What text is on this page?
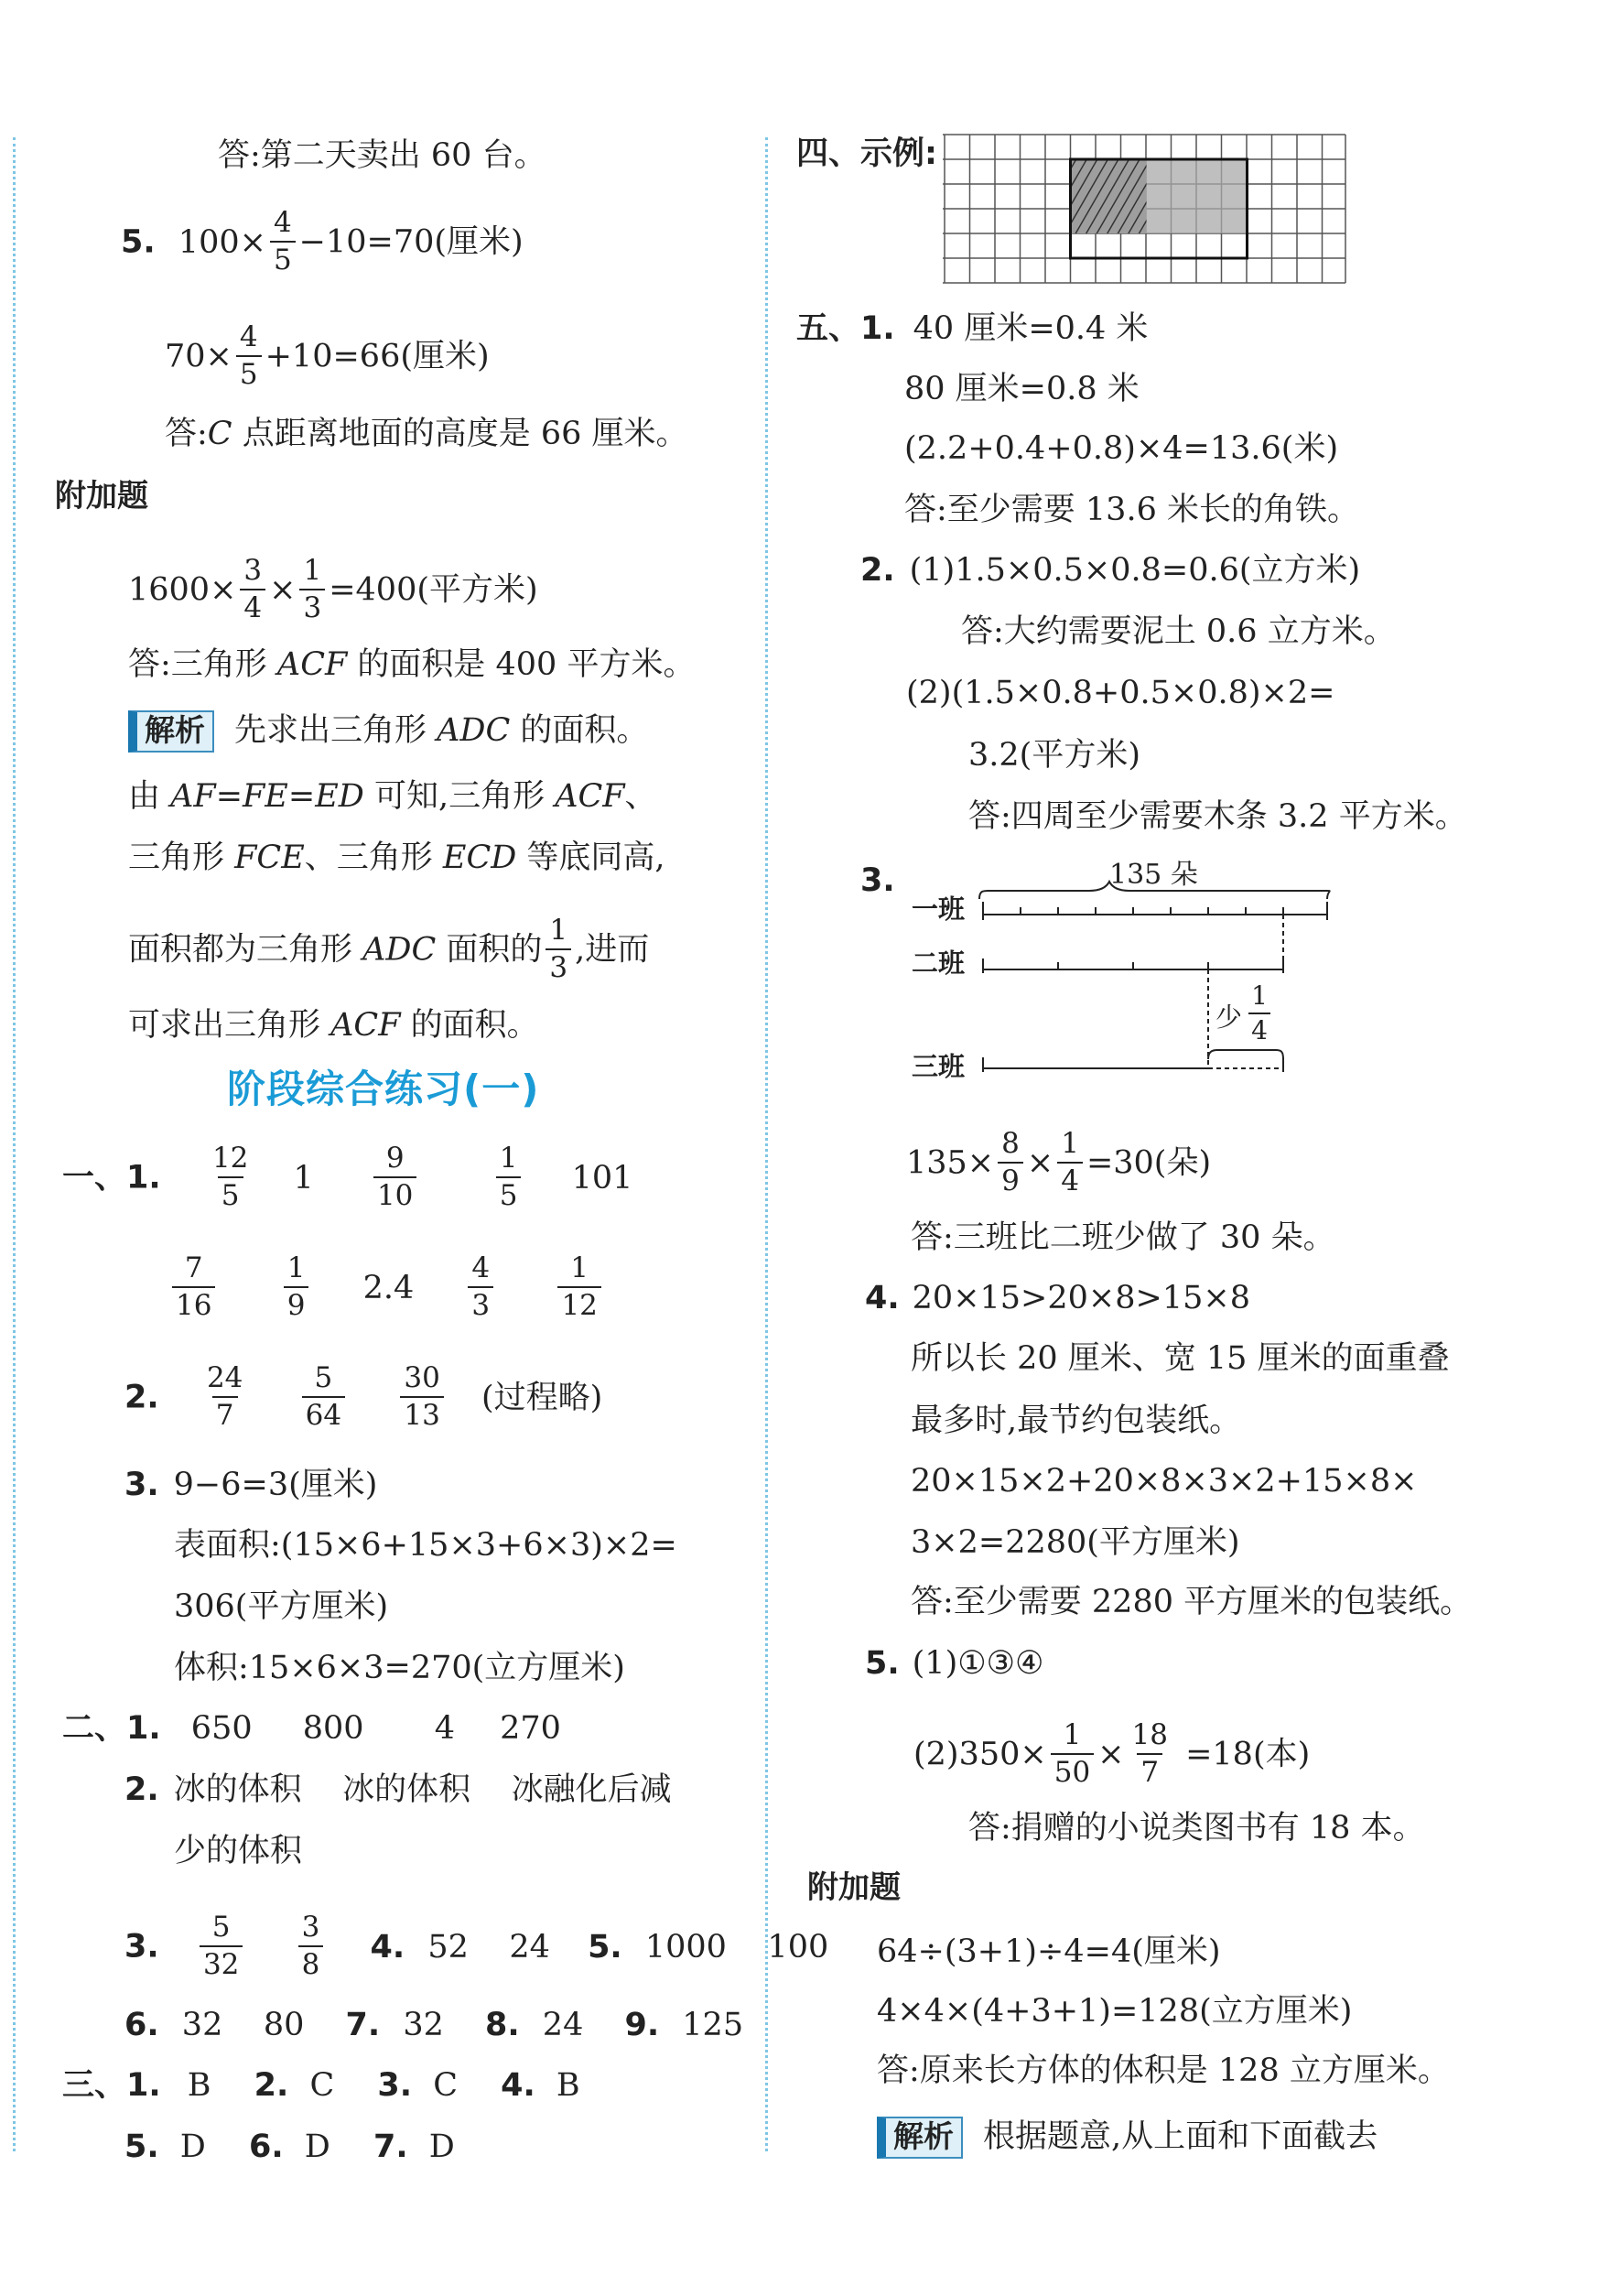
答:第二天卖出 60 台。
5. $100\times \frac{4}{5} -10=70$(厘米)
$70\times \frac{4}{5} +10=66$(厘米)
答:C 点距离地面的高度是 66 厘米。
附加题
$1600\times \frac{3}{4} \times \frac{1}{3} =400$(平方米)
答:三角形 ACF 的面积是 400 平方米。
解析 先求出三角形 ADC 的面积。
由 AF=FE=ED 可知,三角形 ACF、
三角形 FCE、三角形 ECD 等底同高,
面积都为三角形 ADC 面积的 $\frac{1}{3}$ ,进而
可求出三角形 ACF 的面积。
阶段综合练习(一)
一、1. $\frac{12}{5} 1 \frac{9}{10}$
	$\frac{1}{5} 101$
$\frac{7}{16}$
$\frac{1}{9} 2.4 \frac{4}{3}$
$\frac{1}{12}$
2. $\frac{24}{7}$
$\frac{5}{64}$
$\frac{30}{13}$ (过程略)
3. 9−6=3(厘米)
表面积:(15×6+15×3+6×3)×2=
306(平方厘米)
体积:15×6×3=270(立方厘米)
二、1. 650 800 4 270
2. 冰的体积    冰的体积    冰融化后减
少的体积
3. $\frac{5}{32}$
$\frac{3}{8} 4$. 52    24 5. 1000    100
6. 32    80 7. 32 8. 24 9. 125
三、1. B 2. C 3. C 4. B
5. D 6. D 7. D
四、示例:
五、1. 40 厘米=0.4 米
80 厘米=0.8 米
(2.2+0.4+0.8)×4=13.6(米)
答:至少需要 13.6 米长的角铁。
2. (1)1.5×0.5×0.8=0.6(立方米)
答:大约需要泥土 0.6 立方米。
(2)(1.5×0.8+0.5×0.8)×2=
3.2(平方米)
答:四周至少需要木条 3.2 平方米。
3.	135 朵
一班
二班
少
1
4
三班
$135\times \frac{8}{9} \times \frac{1}{4} =30$(朵)
答:三班比二班少做了 30 朵。
4. 20×15>20×8>15×8
所以长 20 厘米、宽 15 厘米的面重叠
最多时,最节约包装纸。
20×15×2+20×8×3×2+15×8×
3×2=2280(平方厘米)
答:至少需要 2280 平方厘米的包装纸。
5. (1)①③④
$(2)350\times \frac{1}{50} \times \frac{18}{7} =18$(本)
答:捐赠的小说类图书有 18 本。
附加题
64÷(3+1)÷4=4(厘米)
4×4×(4+3+1)=128(立方厘米)
答:原来长方体的体积是 128 立方厘米。
解析 根据题意,从上面和下面截去
